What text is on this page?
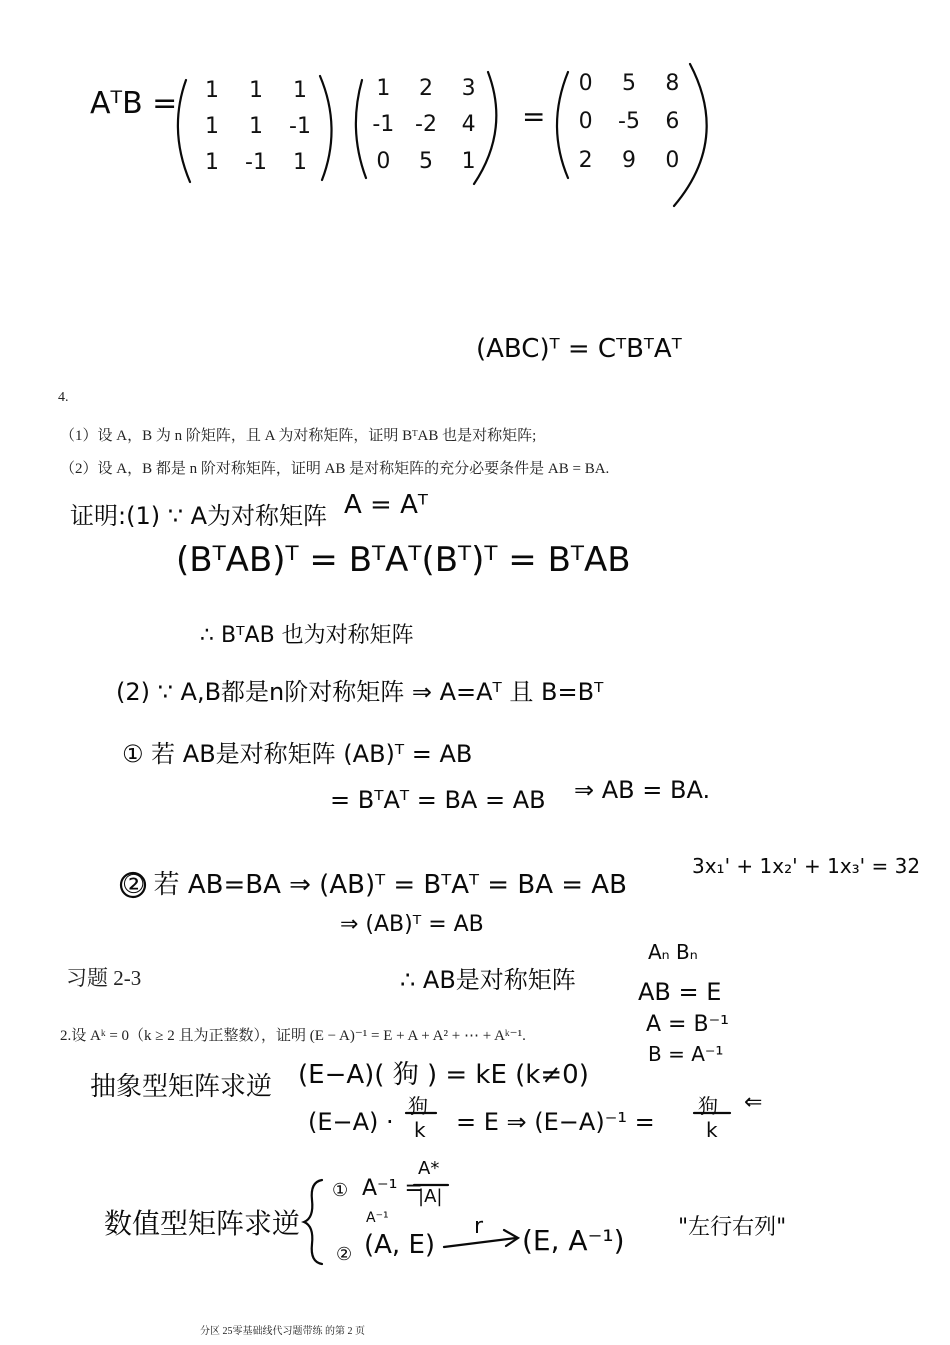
4.
（1）设 A，B 为 n 阶矩阵，且 A 为对称矩阵，证明 BᵀAB 也是对称矩阵;
（2）设 A，B 都是 n 阶对称矩阵，证明 AB 是对称矩阵的充分必要条件是 AB = BA.
习题 2-3
2.设 Aᵏ = 0（k ≥ 2 且为正整数），证明 (E − A)⁻¹ = E + A + A² + ⋯ + Aᵏ⁻¹.
分区 25零基础线代习题带练 的第 2 页
AᵀB = 1 1 1
1 1 -1
1 -1 1
1 2 3
-1 -2 4
0 5 1
=
0 5 8
0 -5 6
2 9 0
(ABC)ᵀ = CᵀBᵀAᵀ
证明:(1) ∵ A为对称矩阵 A = Aᵀ
(BᵀAB)ᵀ = BᵀAᵀ(Bᵀ)ᵀ = BᵀAB
∴ BᵀAB 也为对称矩阵
(2) ∵ A,B都是n阶对称矩阵 ⇒ A=Aᵀ 且 B=Bᵀ
① 若 AB是对称矩阵 (AB)ᵀ = AB
= BᵀAᵀ = BA = AB ⇒ AB = BA.
② 若 AB=BA ⇒ (AB)ᵀ = BᵀAᵀ = BA = AB
3x₁' + 1x₂' + 1x₃' = 32
⇒ (AB)ᵀ = AB
∴ AB是对称矩阵
Aₙ Bₙ
AB = E
A = B⁻¹
B = A⁻¹
抽象型矩阵求逆 (E−A)( 狗 ) = kE (k≠0)
(E−A) ·
狗
k = E ⇒ (E−A)⁻¹ =
狗
k
⇐
数值型矩阵求逆
① A⁻¹ =
A*
|A|
A⁻¹
② (A, E)
r (E, A⁻¹) "左行右列"
